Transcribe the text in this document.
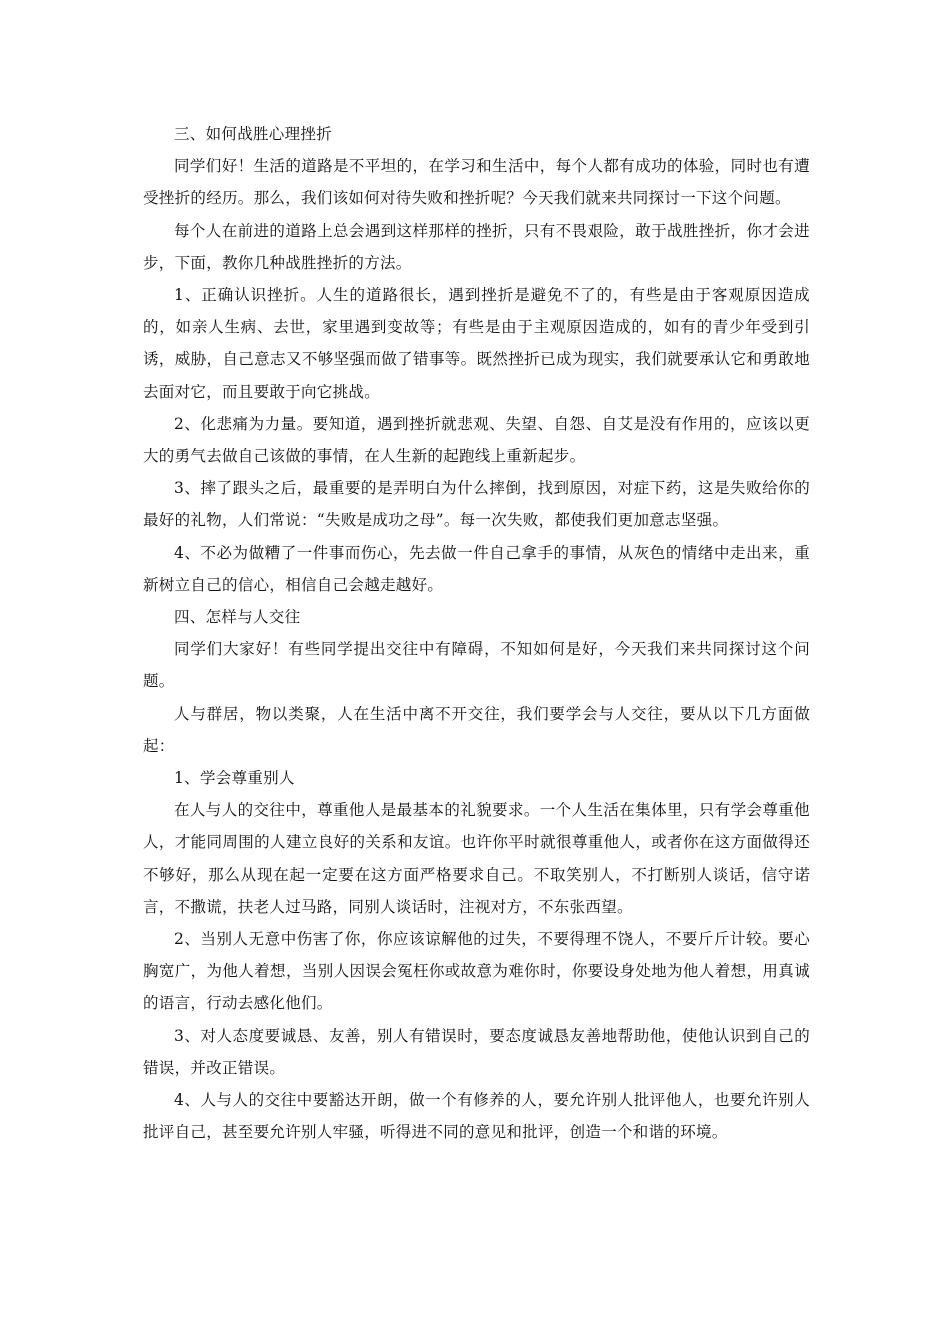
三、如何战胜心理挫折

同学们好！生活的道路是不平坦的，在学习和生活中，每个人都有成功的体验，同时也有遭受挫折的经历。那么，我们该如何对待失败和挫折呢？今天我们就来共同探讨一下这个问题。

每个人在前进的道路上总会遇到这样那样的挫折，只有不畏艰险，敢于战胜挫折，你才会进步，下面，教你几种战胜挫折的方法。

1、正确认识挫折。人生的道路很长，遇到挫折是避免不了的，有些是由于客观原因造成的，如亲人生病、去世，家里遇到变故等；有些是由于主观原因造成的，如有的青少年受到引诱，威胁，自己意志又不够坚强而做了错事等。既然挫折已成为现实，我们就要承认它和勇敢地去面对它，而且要敢于向它挑战。

2、化悲痛为力量。要知道，遇到挫折就悲观、失望、自怨、自艾是没有作用的，应该以更大的勇气去做自己该做的事情，在人生新的起跑线上重新起步。

3、摔了跟头之后，最重要的是弄明白为什么摔倒，找到原因，对症下药，这是失败给你的最好的礼物，人们常说：“失败是成功之母”。每一次失败，都使我们更加意志坚强。

4、不必为做糟了一件事而伤心，先去做一件自己拿手的事情，从灰色的情绪中走出来，重新树立自己的信心，相信自己会越走越好。

四、怎样与人交往

同学们大家好！有些同学提出交往中有障碍，不知如何是好，今天我们来共同探讨这个问题。

人与群居，物以类聚，人在生活中离不开交往，我们要学会与人交往，要从以下几方面做起：

1、学会尊重别人

在人与人的交往中，尊重他人是最基本的礼貌要求。一个人生活在集体里，只有学会尊重他人，才能同周围的人建立良好的关系和友谊。也许你平时就很尊重他人，或者你在这方面做得还不够好，那么从现在起一定要在这方面严格要求自己。不取笑别人，不打断别人谈话，信守诺言，不撒谎，扶老人过马路，同别人谈话时，注视对方，不东张西望。

2、当别人无意中伤害了你，你应该谅解他的过失，不要得理不饶人，不要斤斤计较。要心胸宽广，为他人着想，当别人因误会冤枉你或故意为难你时，你要设身处地为他人着想，用真诚的语言，行动去感化他们。

3、对人态度要诚恳、友善，别人有错误时，要态度诚恳友善地帮助他，使他认识到自己的错误，并改正错误。

4、人与人的交往中要豁达开朗，做一个有修养的人，要允许别人批评他人，也要允许别人批评自己，甚至要允许别人牢骚，听得进不同的意见和批评，创造一个和谐的环境。
